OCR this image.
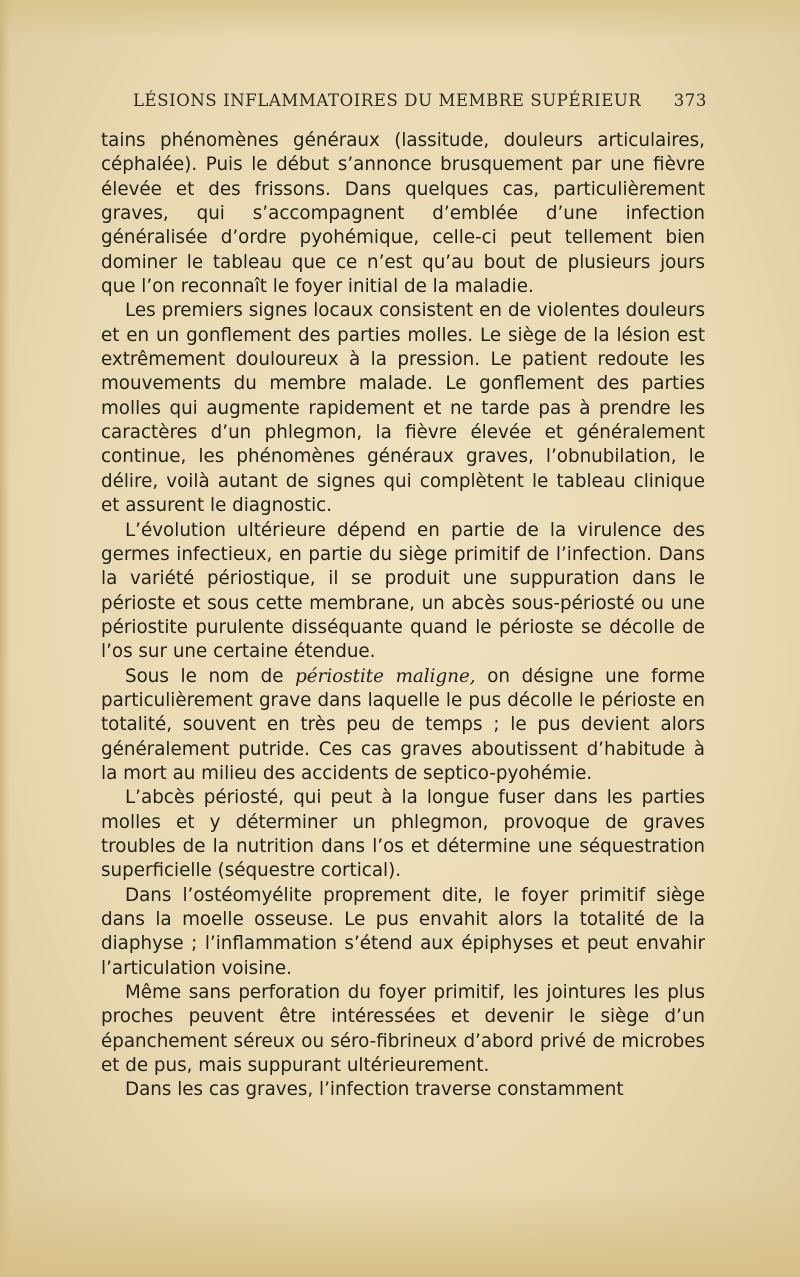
LÉSIONS INFLAMMATOIRES DU MEMBRE SUPÉRIEUR 373

tains phénomènes généraux (lassitude, douleurs articulaires, céphalée). Puis le début s’annonce brusquement par une fièvre élevée et des frissons. Dans quelques cas, particulièrement graves, qui s’accompagnent d’emblée d’une infection généralisée d’ordre pyohémique, celle-ci peut tellement bien dominer le tableau que ce n’est qu’au bout de plusieurs jours que l’on reconnaît le foyer initial de la maladie.

Les premiers signes locaux consistent en de violentes douleurs et en un gonflement des parties molles. Le siège de la lésion est extrêmement douloureux à la pression. Le patient redoute les mouvements du membre malade. Le gonflement des parties molles qui augmente rapidement et ne tarde pas à prendre les caractères d’un phlegmon, la fièvre élevée et généralement continue, les phénomènes généraux graves, l’obnubilation, le délire, voilà autant de signes qui complètent le tableau clinique et assurent le diagnostic.

L’évolution ultérieure dépend en partie de la virulence des germes infectieux, en partie du siège primitif de l’infection. Dans la variété périostique, il se produit une suppuration dans le périoste et sous cette membrane, un abcès sous-périosté ou une périostite purulente disséquante quand le périoste se décolle de l’os sur une certaine étendue.

Sous le nom de périostite maligne, on désigne une forme particulièrement grave dans laquelle le pus décolle le périoste en totalité, souvent en très peu de temps ; le pus devient alors généralement putride. Ces cas graves aboutissent d’habitude à la mort au milieu des accidents de septico-pyohémie.

L’abcès périosté, qui peut à la longue fuser dans les parties molles et y déterminer un phlegmon, provoque de graves troubles de la nutrition dans l’os et détermine une séquestration superficielle (séquestre cortical).

Dans l’ostéomyélite proprement dite, le foyer primitif siège dans la moelle osseuse. Le pus envahit alors la totalité de la diaphyse ; l’inflammation s’étend aux épiphyses et peut envahir l’articulation voisine.

Même sans perforation du foyer primitif, les jointures les plus proches peuvent être intéressées et devenir le siège d’un épanchement séreux ou séro-fibrineux d’abord privé de microbes et de pus, mais suppurant ultérieurement.

Dans les cas graves, l’infection traverse constamment
